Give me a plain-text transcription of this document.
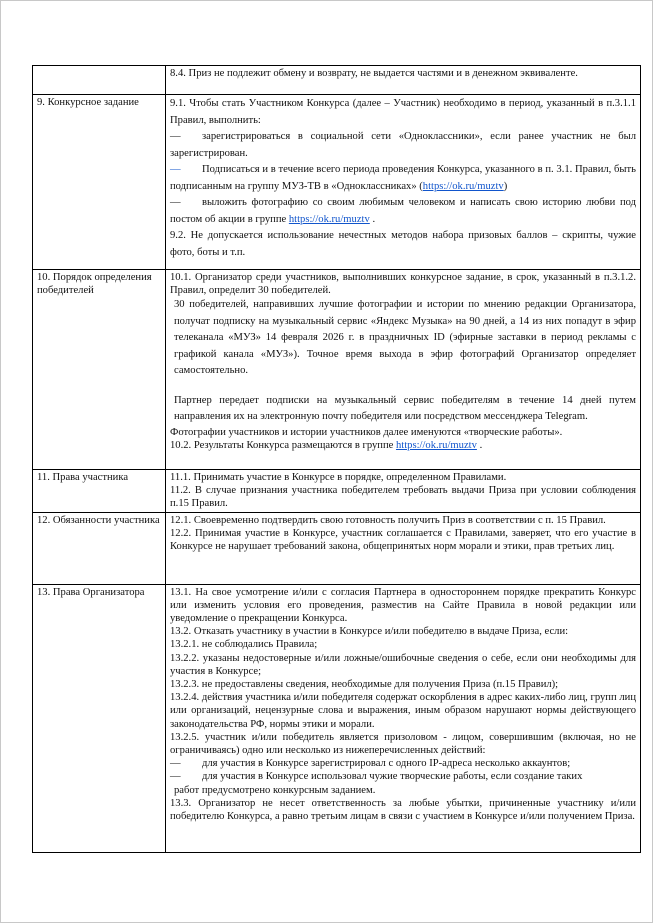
	8.4. Приз не подлежит обмену и возврату, не выдается частями и в денежном эквиваленте.

9. Конкурсное задание	9.1. Чтобы стать Участником Конкурса (далее – Участник) необходимо в период, указанный в п.3.1.1 Правил, выполнить:

— зарегистрироваться в социальной сети «Одноклассники», если ранее участник не был зарегистрирован.

— Подписаться и в течение всего периода проведения Конкурса, указанного в п. 3.1. Правил, быть подписанным на группу МУЗ-ТВ в «Одноклассниках» (https://ok.ru/muztv)

— выложить фотографию со своим любимым человеком и написать свою историю любви под постом об акции в группе https://ok.ru/muztv .

9.2. Не допускается использование нечестных методов набора призовых баллов – скрипты, чужие фото, боты и т.п.

10. Порядок определения победителей	10.1. Организатор среди участников, выполнивших конкурсное задание, в срок, указанный в п.3.1.2. Правил, определит 30 победителей.

30 победителей, направивших лучшие фотографии и истории по мнению редакции Организатора, получат подписку на музыкальный сервис «Яндекс Музыка» на 90 дней, а 14 из них попадут в эфир телеканала «МУЗ» 14 февраля 2026 г. в праздничных ID (эфирные заставки в период рекламы с графикой канала «МУЗ»). Точное время выхода в эфир фотографий Организатор определяет самостоятельно.

Партнер передает подписки на музыкальный сервис победителям в течение 14 дней путем направления их на электронную почту победителя или посредством мессенджера Telegram.

Фотографии участников и истории участников далее именуются «творческие работы».

10.2. Результаты Конкурса размещаются в группе https://ok.ru/muztv .

11. Права участника	11.1. Принимать участие в Конкурсе в порядке, определенном Правилами.

11.2. В случае признания участника победителем требовать выдачи Приза при условии соблюдения п.15 Правил.

12. Обязанности участника	12.1. Своевременно подтвердить свою готовность получить Приз в соответствии с п. 15 Правил.

12.2. Принимая участие в Конкурсе, участник соглашается с Правилами, заверяет, что его участие в Конкурсе не нарушает требований закона, общепринятых норм морали и этики, прав третьих лиц.

13. Права Организатора	13.1. На свое усмотрение и/или с согласия Партнера в одностороннем порядке прекратить Конкурс или изменить условия его проведения, разместив на Сайте Правила в новой редакции или уведомление о прекращении Конкурса.

13.2. Отказать участнику в участии в Конкурсе и/или победителю в выдаче Приза, если:

13.2.1. не соблюдались Правила;

13.2.2. указаны недостоверные и/или ложные/ошибочные сведения о себе, если они необходимы для участия в Конкурсе;

13.2.3. не предоставлены сведения, необходимые для получения Приза (п.15 Правил);

13.2.4. действия участника и/или победителя содержат оскорбления в адрес каких-либо лиц, групп лиц или организаций, нецензурные слова и выражения, иным образом нарушают нормы действующего законодательства РФ, нормы этики и морали.

13.2.5. участник и/или победитель является призоловом - лицом, совершившим (включая, но не ограничиваясь) одно или несколько из нижеперечисленных действий:

— для участия в Конкурсе зарегистрировал с одного IP-адреса несколько аккаунтов;

— для участия в Конкурсе использовал чужие творческие работы, если создание таких

работ предусмотрено конкурсным заданием.

13.3. Организатор не несет ответственность за любые убытки, причиненные участнику и/или победителю Конкурса, а равно третьим лицам в связи с участием в Конкурсе и/или получением Приза.
